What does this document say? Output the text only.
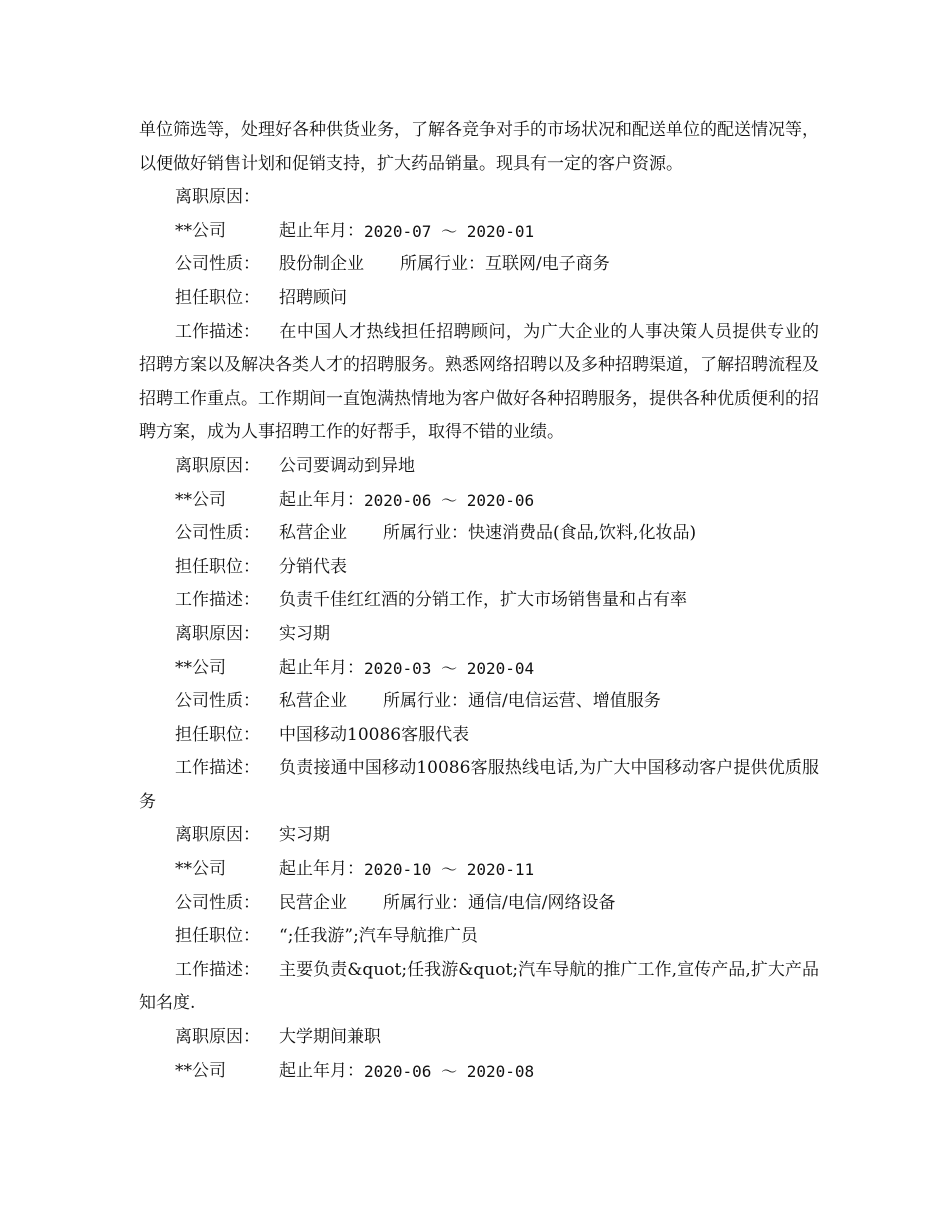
单位筛选等，处理好各种供货业务，了解各竞争对手的市场状况和配送单位的配送情况等，以便做好销售计划和促销支持，扩大药品销量。现具有一定的客户资源。

离职原因：
**公司	起止年月： 2020-07 ～ 2020-01
公司性质：	股份制企业 所属行业： 互联网/电子商务
担任职位：	招聘顾问

工作描述： 在中国人才热线担任招聘顾问，为广大企业的人事决策人员提供专业的招聘方案以及解决各类人才的招聘服务。熟悉网络招聘以及多种招聘渠道，了解招聘流程及招聘工作重点。工作期间一直饱满热情地为客户做好各种招聘服务，提供各种优质便利的招聘方案，成为人事招聘工作的好帮手，取得不错的业绩。

离职原因：	公司要调动到异地
**公司	起止年月： 2020-06 ～ 2020-06
公司性质：	私营企业 所属行业： 快速消费品(食品,饮料,化妆品)
担任职位：	分销代表
工作描述：	负责千佳红红酒的分销工作，扩大市场销售量和占有率
离职原因：	实习期
**公司	起止年月： 2020-03 ～ 2020-04
公司性质：	私营企业 所属行业： 通信/电信运营、增值服务
担任职位：	中国移动10086客服代表

工作描述： 负责接通中国移动10086客服热线电话,为广大中国移动客户提供优质服务

离职原因：	实习期
**公司	起止年月： 2020-10 ～ 2020-11
公司性质：	民营企业 所属行业： 通信/电信/网络设备
担任职位：	“;任我游”;汽车导航推广员

工作描述： 主要负责&quot;任我游&quot;汽车导航的推广工作,宣传产品,扩大产品知名度.

离职原因：	大学期间兼职
**公司	起止年月： 2020-06 ～ 2020-08
